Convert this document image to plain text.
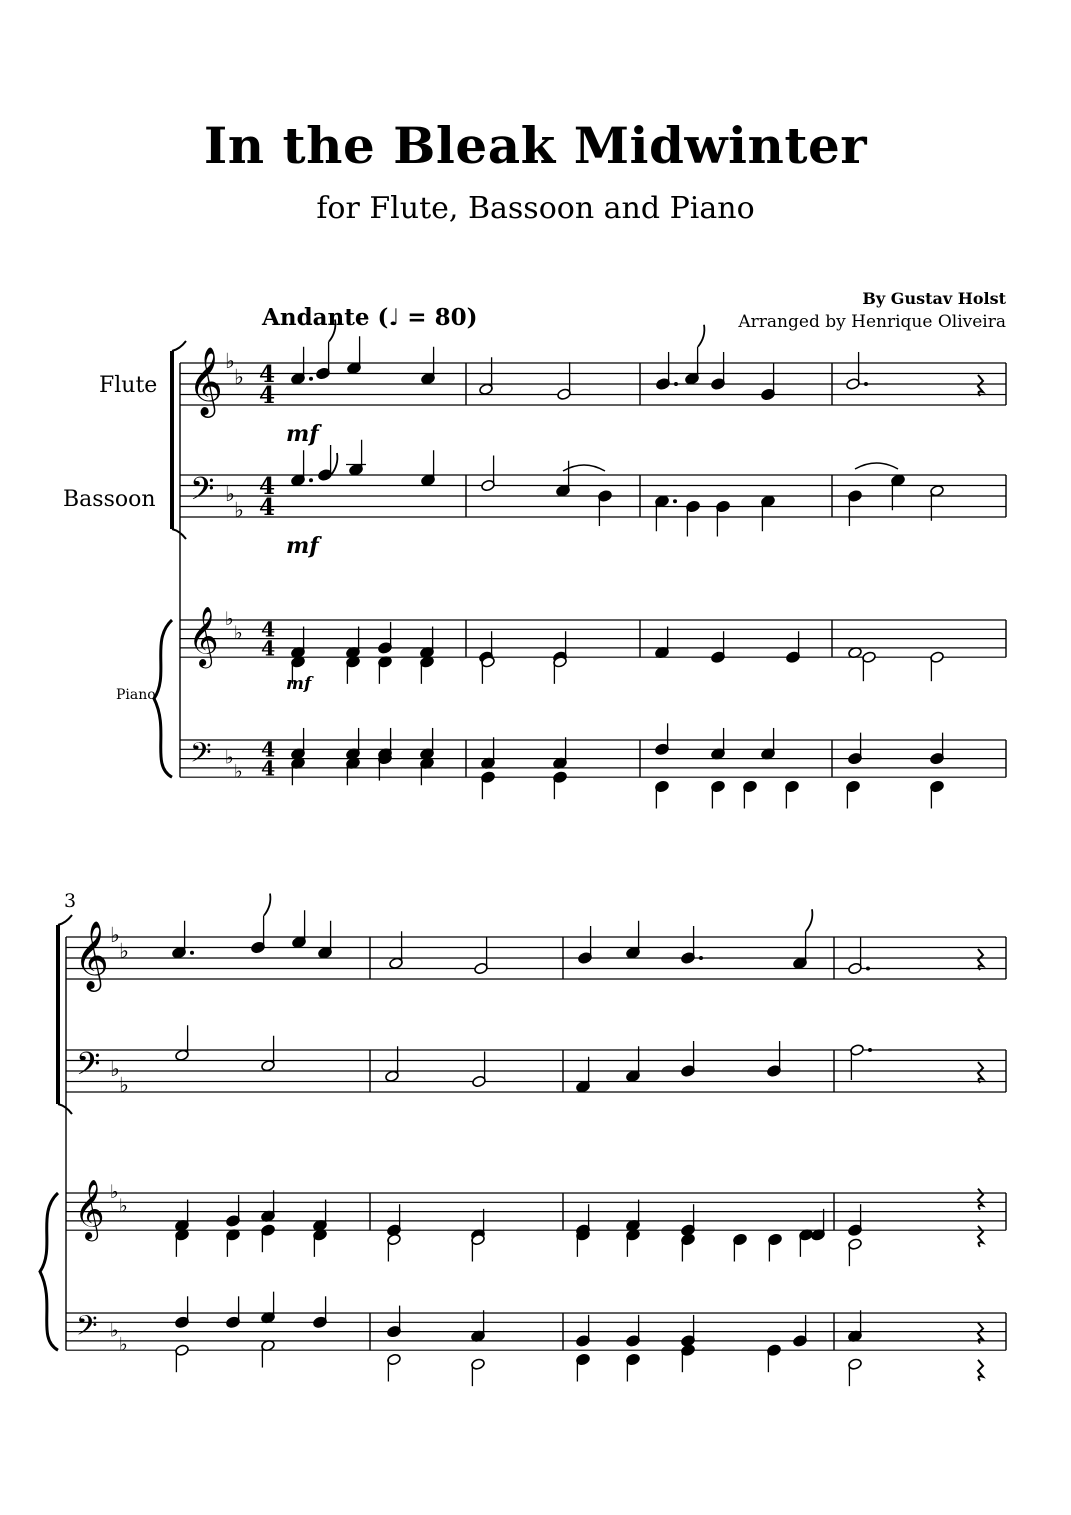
In the Bleak Midwinter
for Flute, Bassoon and Piano
By Gustav Holst
Arranged by Henrique Oliveira
Andante (♩ = 80)
Flute
Bassoon
Piano
3
𝄞 ♭
♭ 4
4
𝄢 ♭
♭
4
4
𝄞 ♭
♭ 4
4
𝄢 ♭
♭
4
4
mf
mf
mf
𝄞 ♭
♭
𝄢 ♭
♭
𝄞 ♭
♭
𝄢 ♭
♭
